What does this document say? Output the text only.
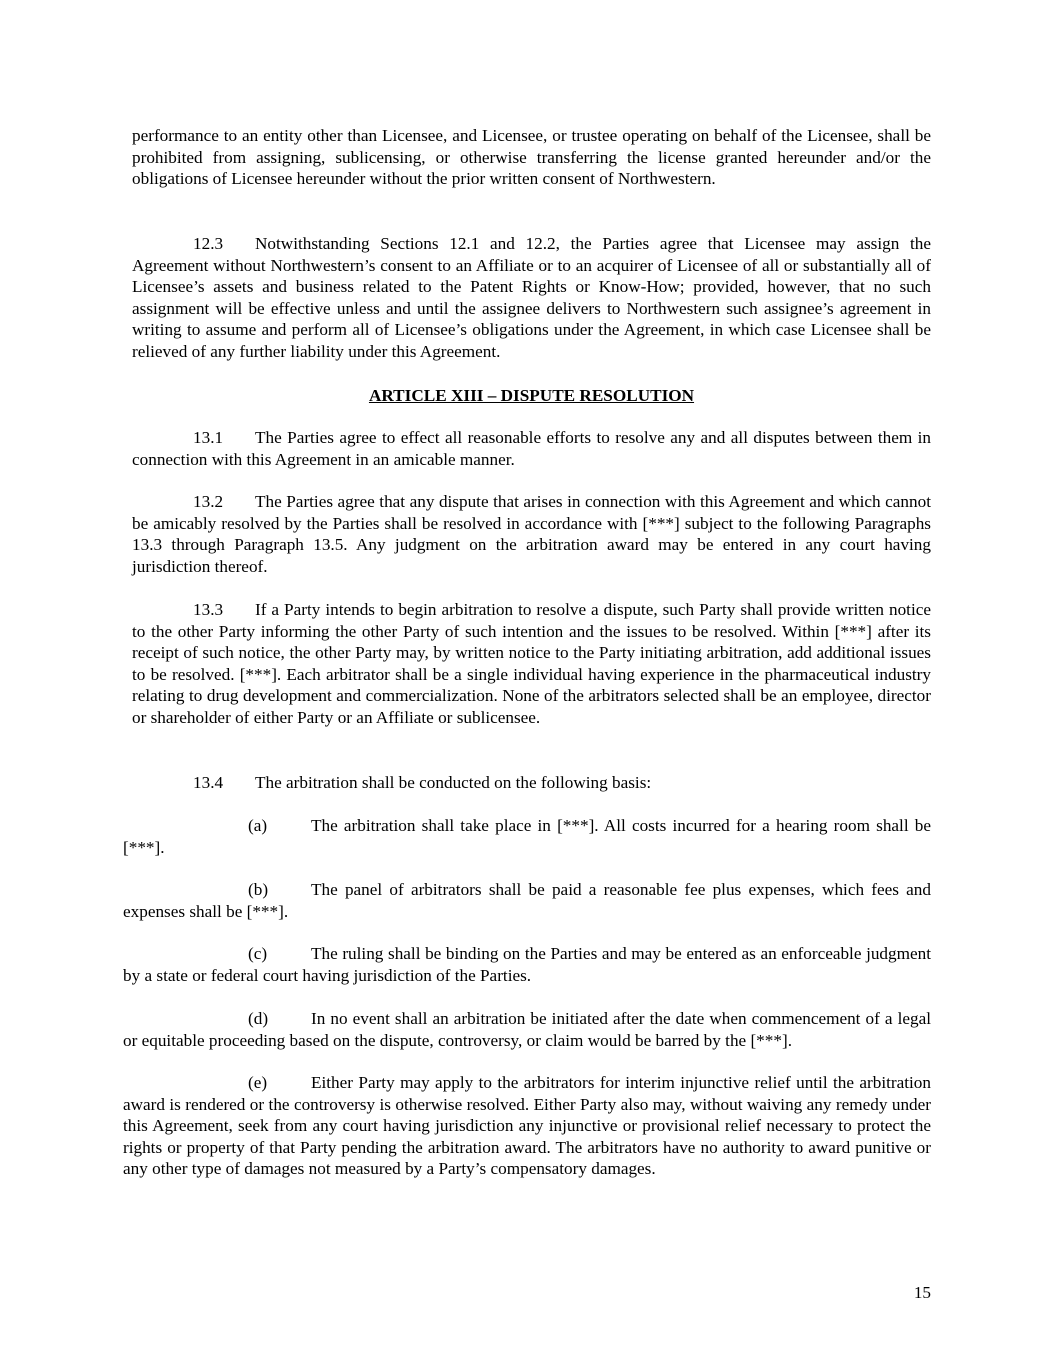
performance to an entity other than Licensee, and Licensee, or trustee operating on behalf of the Licensee, shall be prohibited from assigning, sublicensing, or otherwise transferring the license granted hereunder and/or the obligations of Licensee hereunder without the prior written consent of Northwestern.

12.3 Notwithstanding Sections 12.1 and 12.2, the Parties agree that Licensee may assign the Agreement without Northwestern’s consent to an Affiliate or to an acquirer of Licensee of all or substantially all of Licensee’s assets and business related to the Patent Rights or Know-How; provided, however, that no such assignment will be effective unless and until the assignee delivers to Northwestern such assignee’s agreement in writing to assume and perform all of Licensee’s obligations under the Agreement, in which case Licensee shall be relieved of any further liability under this Agreement.

ARTICLE XIII – DISPUTE RESOLUTION

13.1 The Parties agree to effect all reasonable efforts to resolve any and all disputes between them in connection with this Agreement in an amicable manner.

13.2 The Parties agree that any dispute that arises in connection with this Agreement and which cannot be amicably resolved by the Parties shall be resolved in accordance with [***] subject to the following Paragraphs 13.3 through Paragraph 13.5. Any judgment on the arbitration award may be entered in any court having jurisdiction thereof.

13.3 If a Party intends to begin arbitration to resolve a dispute, such Party shall provide written notice to the other Party informing the other Party of such intention and the issues to be resolved. Within [***] after its receipt of such notice, the other Party may, by written notice to the Party initiating arbitration, add additional issues to be resolved. [***]. Each arbitrator shall be a single individual having experience in the pharmaceutical industry relating to drug development and commercialization. None of the arbitrators selected shall be an employee, director or shareholder of either Party or an Affiliate or sublicensee.

13.4 The arbitration shall be conducted on the following basis:

(a)	The arbitration shall take place in [***]. All costs incurred for a hearing room shall be [***].

(b) The panel of arbitrators shall be paid a reasonable fee plus expenses, which fees and expenses shall be [***].

(c)	The ruling shall be binding on the Parties and may be entered as an enforceable judgment by a state or federal court having jurisdiction of the Parties.

(d) In no event shall an arbitration be initiated after the date when commencement of a legal or equitable proceeding based on the dispute, controversy, or claim would be barred by the [***].

(e)	Either Party may apply to the arbitrators for interim injunctive relief until the arbitration award is rendered or the controversy is otherwise resolved. Either Party also may, without waiving any remedy under this Agreement, seek from any court having jurisdiction any injunctive or provisional relief necessary to protect the rights or property of that Party pending the arbitration award. The arbitrators have no authority to award punitive or any other type of damages not measured by a Party’s compensatory damages.

15
